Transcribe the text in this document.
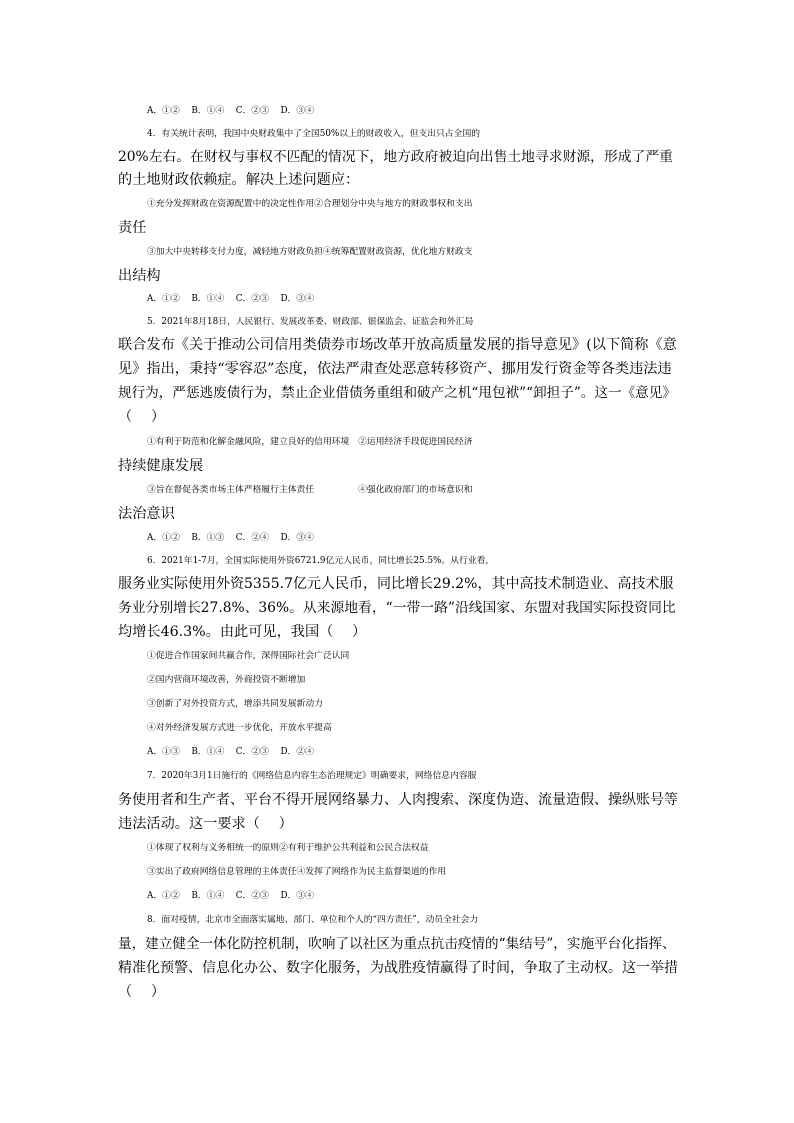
A．①②　 B．①④　 C．②③　 D．③④
4．有关统计表明，我国中央财政集中了全国50%以上的财政收入，但支出只占全国的
20%左右。在财权与事权不匹配的情况下，地方政府被迫向出售土地寻求财源，形成了严重
的土地财政依赖症。解决上述问题应：
①充分发挥财政在资源配置中的决定性作用②合理划分中央与地方的财政事权和支出
责任
③加大中央转移支付力度，减轻地方财政负担④统筹配置财政资源，优化地方财政支
出结构
A．①②　 B．①④　 C．②③　 D．③④
5．2021年8月18日，人民银行、发展改革委、财政部、银保监会、证监会和外汇局
联合发布《关于推动公司信用类债券市场改革开放高质量发展的指导意见》(以下简称《意
见》指出，秉持“零容忍”态度，依法严肃查处恶意转移资产、挪用发行资金等各类违法违
规行为，严惩逃废债行为，禁止企业借债务重组和破产之机“甩包袱”“卸担子”。这一《意见》
（　 ）
①有利于防范和化解金融风险，建立良好的信用环境　②运用经济手段促进国民经济
持续健康发展
③旨在督促各类市场主体严格履行主体责任　　　　　④强化政府部门的市场意识和
法治意识
A．①②　 B．①③　 C．②④　 D．③④
6．2021年1-7月，全国实际使用外资6721.9亿元人民币，同比增长25.5%。从行业看，
服务业实际使用外资5355.7亿元人民币，同比增长29.2%，其中高技术制造业、高技术服
务业分别增长27.8%、36%。从来源地看，“一带一路”沿线国家、东盟对我国实际投资同比
均增长46.3%。由此可见，我国（　 ）
①促进合作国家间共赢合作，深得国际社会广泛认同
②国内营商环境改善，外商投资不断增加
③创新了对外投资方式，增添共同发展新动力
④对外经济发展方式进一步优化，开放水平提高
A．①③　 B．①④　 C．②③　 D．②④
7．2020年3月1日施行的《网络信息内容生态治理规定》明确要求，网络信息内容服
务使用者和生产者、平台不得开展网络暴力、人肉搜索、深度伪造、流量造假、操纵账号等
违法活动。这一要求（　 ）
①体现了权利与义务相统一的原则②有利于维护公共利益和公民合法权益
③实出了政府网络信息管理的主体责任④发挥了网络作为民主监督渠道的作用
A．①②　 B．①④　 C．②③　 D．③④
8．面对疫情，北京市全面落实属地、部门、单位和个人的“四方责任”，动员全社会力
量，建立健全一体化防控机制，吹响了以社区为重点抗击疫情的“集结号”，实施平台化指挥、
精准化预警、信息化办公、数字化服务，为战胜疫情赢得了时间，争取了主动权。这一举措
（　 ）
